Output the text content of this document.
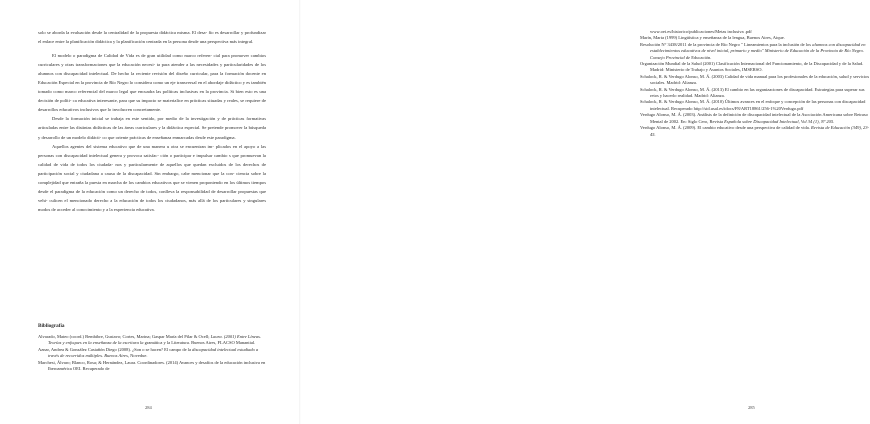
solo se aborda la evaluación desde la centralidad de la propuesta didáctica misma. El desa- fío es desarrollar y profundizar el enlace entre la planificación didáctica y la planificación centrada en la persona desde una perspectiva más integral.

El modelo o paradigma de Calidad de Vida es de gran utilidad como marco referen- cial para promover cambios curriculares y otras transformaciones que la educación necesi- ta para atender a las necesidades y particularidades de los alumnos con discapacidad intelectual. De hecho la reciente revisión del diseño curricular, para la formación docente en Educación Especial en la provincia de Río Negro lo considera como un eje transversal en el abordaje didáctico y es también tomado como marco referencial del marco legal que encuadra las políticas inclusivas en la provincia. Si bien esto es una decisión de políti- ca educativa interesante, para que su impacto se materialice en prácticas situadas y reales, se requiere de desarrollos educativos inclusivos que lo involucren concretamente.

Desde la formación inicial se trabaja en este sentido, por medio de la investigación y de prácticas formativas articuladas entre las distintas didácticas de las áreas curriculares y la didáctica especial. Se pretende promover la búsqueda y desarrollo de un modelo didácti- co que oriente prácticas de enseñanza enmarcadas desde este paradigma.

Aquellos agentes del sistema educativo que de una manera u otra se encuentran im- plicados en el apoyo a las personas con discapacidad intelectual genera y provoca satisfac- ción o participar e impulsar cambio s que promuevan la calidad de vida de todos los ciudada- nos y particularmente de aquellos que quedan excluidos de los derechos de participación social y ciudadana a causa de la discapacidad. Sin embargo, cabe mencionar que la con- ciencia sobre la complejidad que entraña la puesta en marcha de los cambios educativos que se vienen proponiendo en los últimos tiempos desde el paradigma de la educación como un derecho de todos, conlleva la responsabilidad de desarrollar propuestas que vehi- culicen el mencionado derecho a la educación de todos los ciudadanos, más allá de los particulares y singulares modos de acceder al conocimiento y a la experiencia educativa.

Bibliografía

Alvarado, Mateo (coord.) Bembibre, Gustavo; Cortes, Marina; Gaspar María del Pilar & Ocell; Laura. (2001) Entre Líneas. Teorías y enfoques en la enseñanza de la escritura la gramática y la Literatura. Buenos Aires, FLACSO Manantial.

Aznar, Andrea & González Castañón Diego (2008). ¿Son o se hacen? El campo de la discapacidad intelectual estudiado a través de recorridos múltiples. Buenos Aires, Novedue.

Marchesi, Álvaro; Blanco, Rosa; & Hernández, Laura. Coordinadores. (2014) Avances y desafíos de la educación inclusiva en Iberoamérica OEI. Recuperado de

284

www.oei.es/historico/publicaciones/Metas inclusiva .pdf

Marín, Marta (1999) Lingüística y enseñanza de la lengua, Buenos Aires, Aique.

Resolución N° 3438/2011 de la provincia de Río Negro " Lineamientos para la inclusión de los alumnos con discapacidad en establecimientos educativos de nivel inicial, primario y medio" Ministerio de Educación de la Provincia de Río Negro. Consejo Provincial de Educación.

Organización Mundial de la Salud (2001) Clasificación Internacional del Funcionamiento, de la Discapacidad y de la Salud. Madrid: Ministerio de Trabajo y Asuntos Sociales, IMSERSO.

Schalock, R. & Verdugo Alonso, M. Á. (2003) Calidad de vida manual para los profesionales de la educación, salud y servicios sociales. Madrid: Alianza.

Schalock, R. & Verdugo Alonso, M. Á. (2013) El cambio en las organizaciones de discapacidad. Estrategias para superar sus retos y hacerlo realidad. Madrid: Alianza.

Schalock, R. & Verdugo Alonso, M. Á. (2010) Últimos avances en el enfoque y concepción de las personas con discapacidad intelectual. Recuperado http://sid.usal.es/idocs/F8/ART18861/256-1%20Verdugo.pdf

Verdugo Alonso, M. Á. (2003). Análisis de la definición de discapacidad intelectual de la Asociación Americana sobre Retraso Mental de 2002. En: Siglo Cero, Revista Española sobre Discapacidad Intelectual, Vol 34 (1), Nº 205.

Verdugo Alonso, M. Á. (2009). El cambio educativo desde una perspectiva de calidad de vida. Revista de Educación (349), 23-45.

285
